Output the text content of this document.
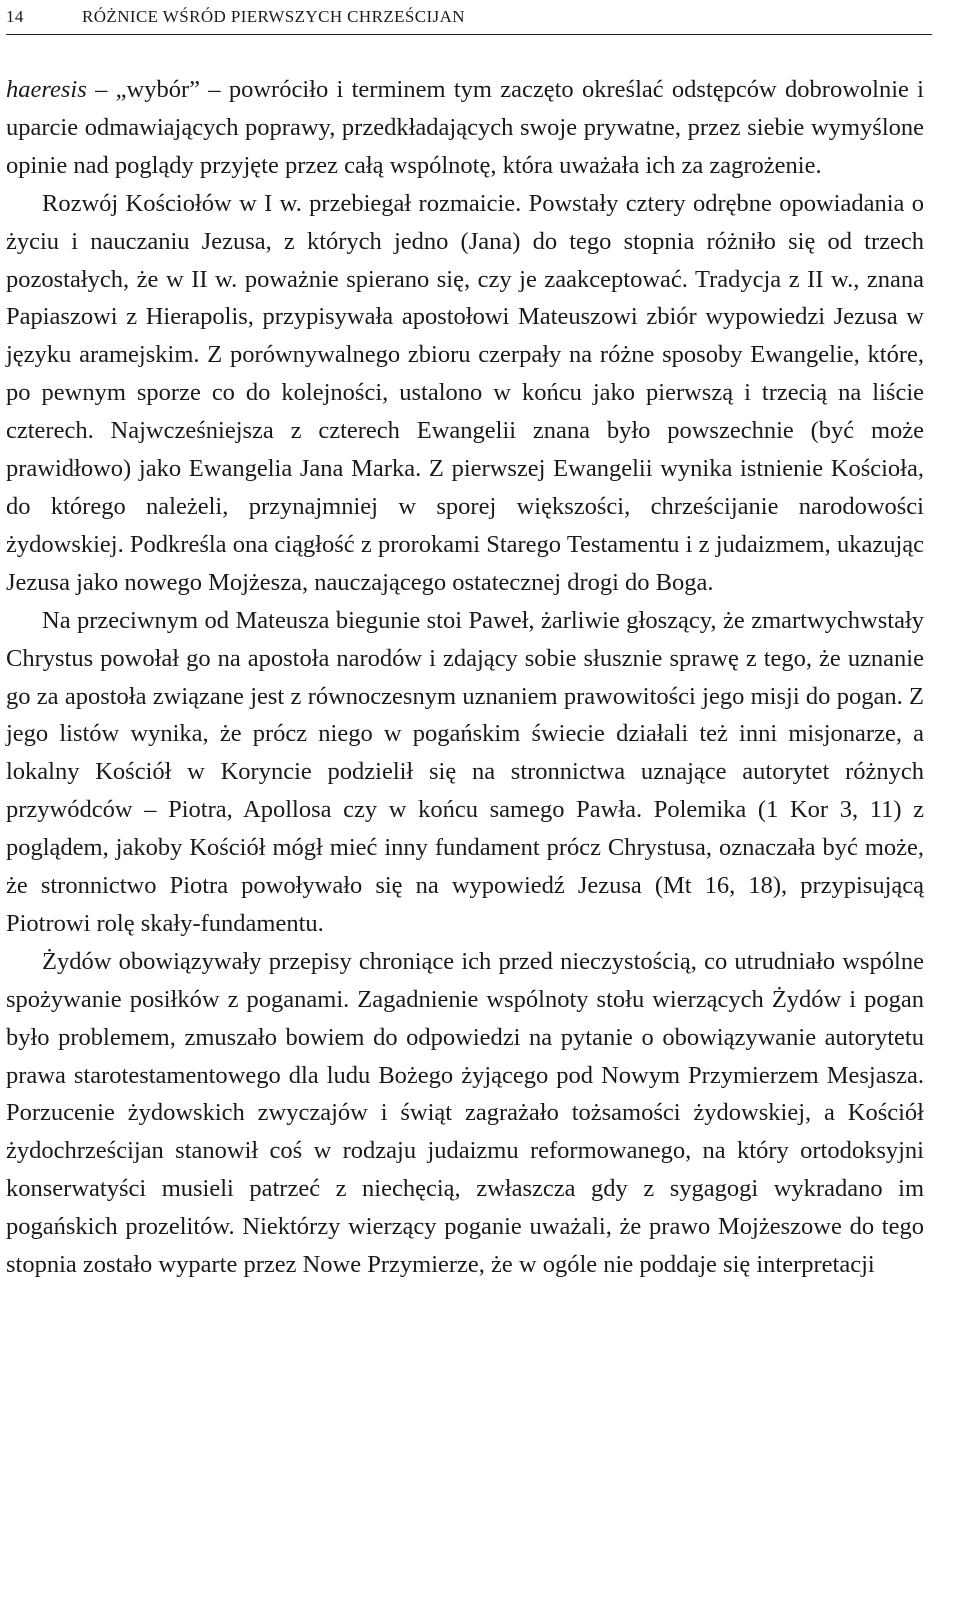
14	RÓŻNICE WŚRÓD PIERWSZYCH CHRZEŚCIJAN

haeresis – „wybór” – powróciło i terminem tym zaczęto określać odstępców dobrowolnie i uparcie odmawiających poprawy, przedkładających swoje prywatne, przez siebie wymyślone opinie nad poglądy przyjęte przez całą wspólnotę, która uważała ich za zagrożenie.

Rozwój Kościołów w I w. przebiegał rozmaicie. Powstały cztery odrębne opowiadania o życiu i nauczaniu Jezusa, z których jedno (Jana) do tego stopnia różniło się od trzech pozostałych, że w II w. poważnie spierano się, czy je zaakceptować. Tradycja z II w., znana Papiaszowi z Hierapolis, przypisywała apostołowi Mateuszowi zbiór wypowiedzi Jezusa w języku aramejskim. Z porównywalnego zbioru czerpały na różne sposoby Ewangelie, które, po pewnym sporze co do kolejności, ustalono w końcu jako pierwszą i trzecią na liście czterech. Najwcześniejsza z czterech Ewangelii znana było powszechnie (być może prawidłowo) jako Ewangelia Jana Marka. Z pierwszej Ewangelii wynika istnienie Kościoła, do którego należeli, przynajmniej w sporej większości, chrześcijanie narodowości żydowskiej. Podkreśla ona ciągłość z prorokami Starego Testamentu i z judaizmem, ukazując Jezusa jako nowego Mojżesza, nauczającego ostatecznej drogi do Boga.

Na przeciwnym od Mateusza biegunie stoi Paweł, żarliwie głoszący, że zmartwychwstały Chrystus powołał go na apostoła narodów i zdający sobie słusznie sprawę z tego, że uznanie go za apostoła związane jest z równoczesnym uznaniem prawowitości jego misji do pogan. Z jego listów wynika, że prócz niego w pogańskim świecie działali też inni misjonarze, a lokalny Kościół w Koryncie podzielił się na stronnictwa uznające autorytet różnych przywódców – Piotra, Apollosa czy w końcu samego Pawła. Polemika (1 Kor 3, 11) z poglądem, jakoby Kościół mógł mieć inny fundament prócz Chrystusa, oznaczała być może, że stronnictwo Piotra powoływało się na wypowiedź Jezusa (Mt 16, 18), przypisującą Piotrowi rolę skały-fundamentu.

Żydów obowiązywały przepisy chroniące ich przed nieczystością, co utrudniało wspólne spożywanie posiłków z poganami. Zagadnienie wspólnoty stołu wierzących Żydów i pogan było problemem, zmuszało bowiem do odpowiedzi na pytanie o obowiązywanie autorytetu prawa starotestamentowego dla ludu Bożego żyjącego pod Nowym Przymierzem Mesjasza. Porzucenie żydowskich zwyczajów i świąt zagrażało tożsamości żydowskiej, a Kościół żydochrześcijan stanowił coś w rodzaju judaizmu reformowanego, na który ortodoksyjni konserwatyści musieli patrzeć z niechęcią, zwłaszcza gdy z sygagogi wykradano im pogańskich prozelitów. Niektórzy wierzący poganie uważali, że prawo Mojżeszowe do tego stopnia zostało wyparte przez Nowe Przymierze, że w ogóle nie poddaje się interpretacji
